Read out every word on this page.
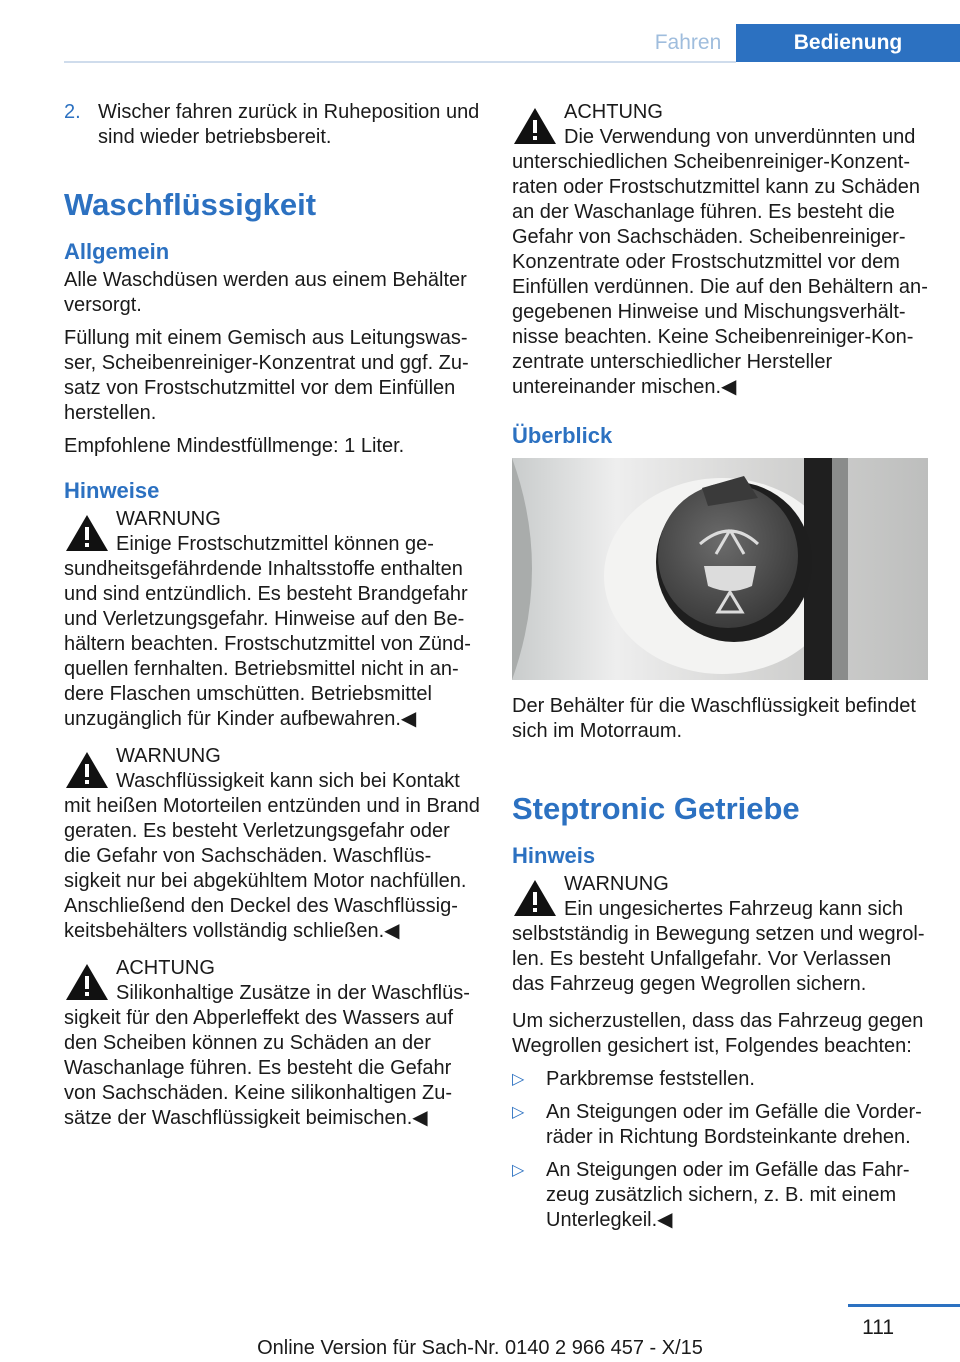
Fahren	Bedienung
2. Wischer fahren zurück in Ruheposition und sind wieder betriebsbereit.
Waschflüssigkeit
Allgemein

Alle Waschdüsen werden aus einem Behälter versorgt.

Füllung mit einem Gemisch aus Leitungswasser, Scheibenreiniger-Konzentrat und ggf. Zusatz von Frostschutzmittel vor dem Einfüllen herstellen.

Empfohlene Mindestfüllmenge: 1 Liter.

Hinweise
WARNUNG
Einige Frostschutzmittel können gesundheitsgefährdende Inhaltsstoffe enthalten und sind entzündlich. Es besteht Brandgefahr und Verletzungsgefahr. Hinweise auf den Behältern beachten. Frostschutzmittel von Zündquellen fernhalten. Betriebsmittel nicht in andere Flaschen umschütten. Betriebsmittel unzugänglich für Kinder aufbewahren.◀
WARNUNG
Waschflüssigkeit kann sich bei Kontakt mit heißen Motorteilen entzünden und in Brand geraten. Es besteht Verletzungsgefahr oder die Gefahr von Sachschäden. Waschflüssigkeit nur bei abgekühltem Motor nachfüllen. Anschließend den Deckel des Waschflüssigkeitsbehälters vollständig schließen.◀
ACHTUNG
Silikonhaltige Zusätze in der Waschflüssigkeit für den Abperleffekt des Wassers auf den Scheiben können zu Schäden an der Waschanlage führen. Es besteht die Gefahr von Sachschäden. Keine silikonhaltigen Zusätze der Waschflüssigkeit beimischen.◀
ACHTUNG
Die Verwendung von unverdünnten und unterschiedlichen Scheibenreiniger-Konzentraten oder Frostschutzmittel kann zu Schäden an der Waschanlage führen. Es besteht die Gefahr von Sachschäden. Scheibenreiniger-Konzentrate oder Frostschutzmittel vor dem Einfüllen verdünnen. Die auf den Behältern angegebenen Hinweise und Mischungsverhältnisse beachten. Keine Scheibenreiniger-Konzentrate unterschiedlicher Hersteller untereinander mischen.◀
Überblick

Der Behälter für die Waschflüssigkeit befindet sich im Motorraum.

Steptronic Getriebe
Hinweis
WARNUNG
Ein ungesichertes Fahrzeug kann sich selbstständig in Bewegung setzen und wegrollen. Es besteht Unfallgefahr. Vor Verlassen das Fahrzeug gegen Wegrollen sichern.

Um sicherzustellen, dass das Fahrzeug gegen Wegrollen gesichert ist, Folgendes beachten:

▷	Parkbremse feststellen.
▷	An Steigungen oder im Gefälle die Vorderräder in Richtung Bordsteinkante drehen.
▷	An Steigungen oder im Gefälle das Fahrzeug zusätzlich sichern, z. B. mit einem Unterlegkeil.◀
111
Online Version für Sach-Nr. 0140 2 966 457 - X/15
